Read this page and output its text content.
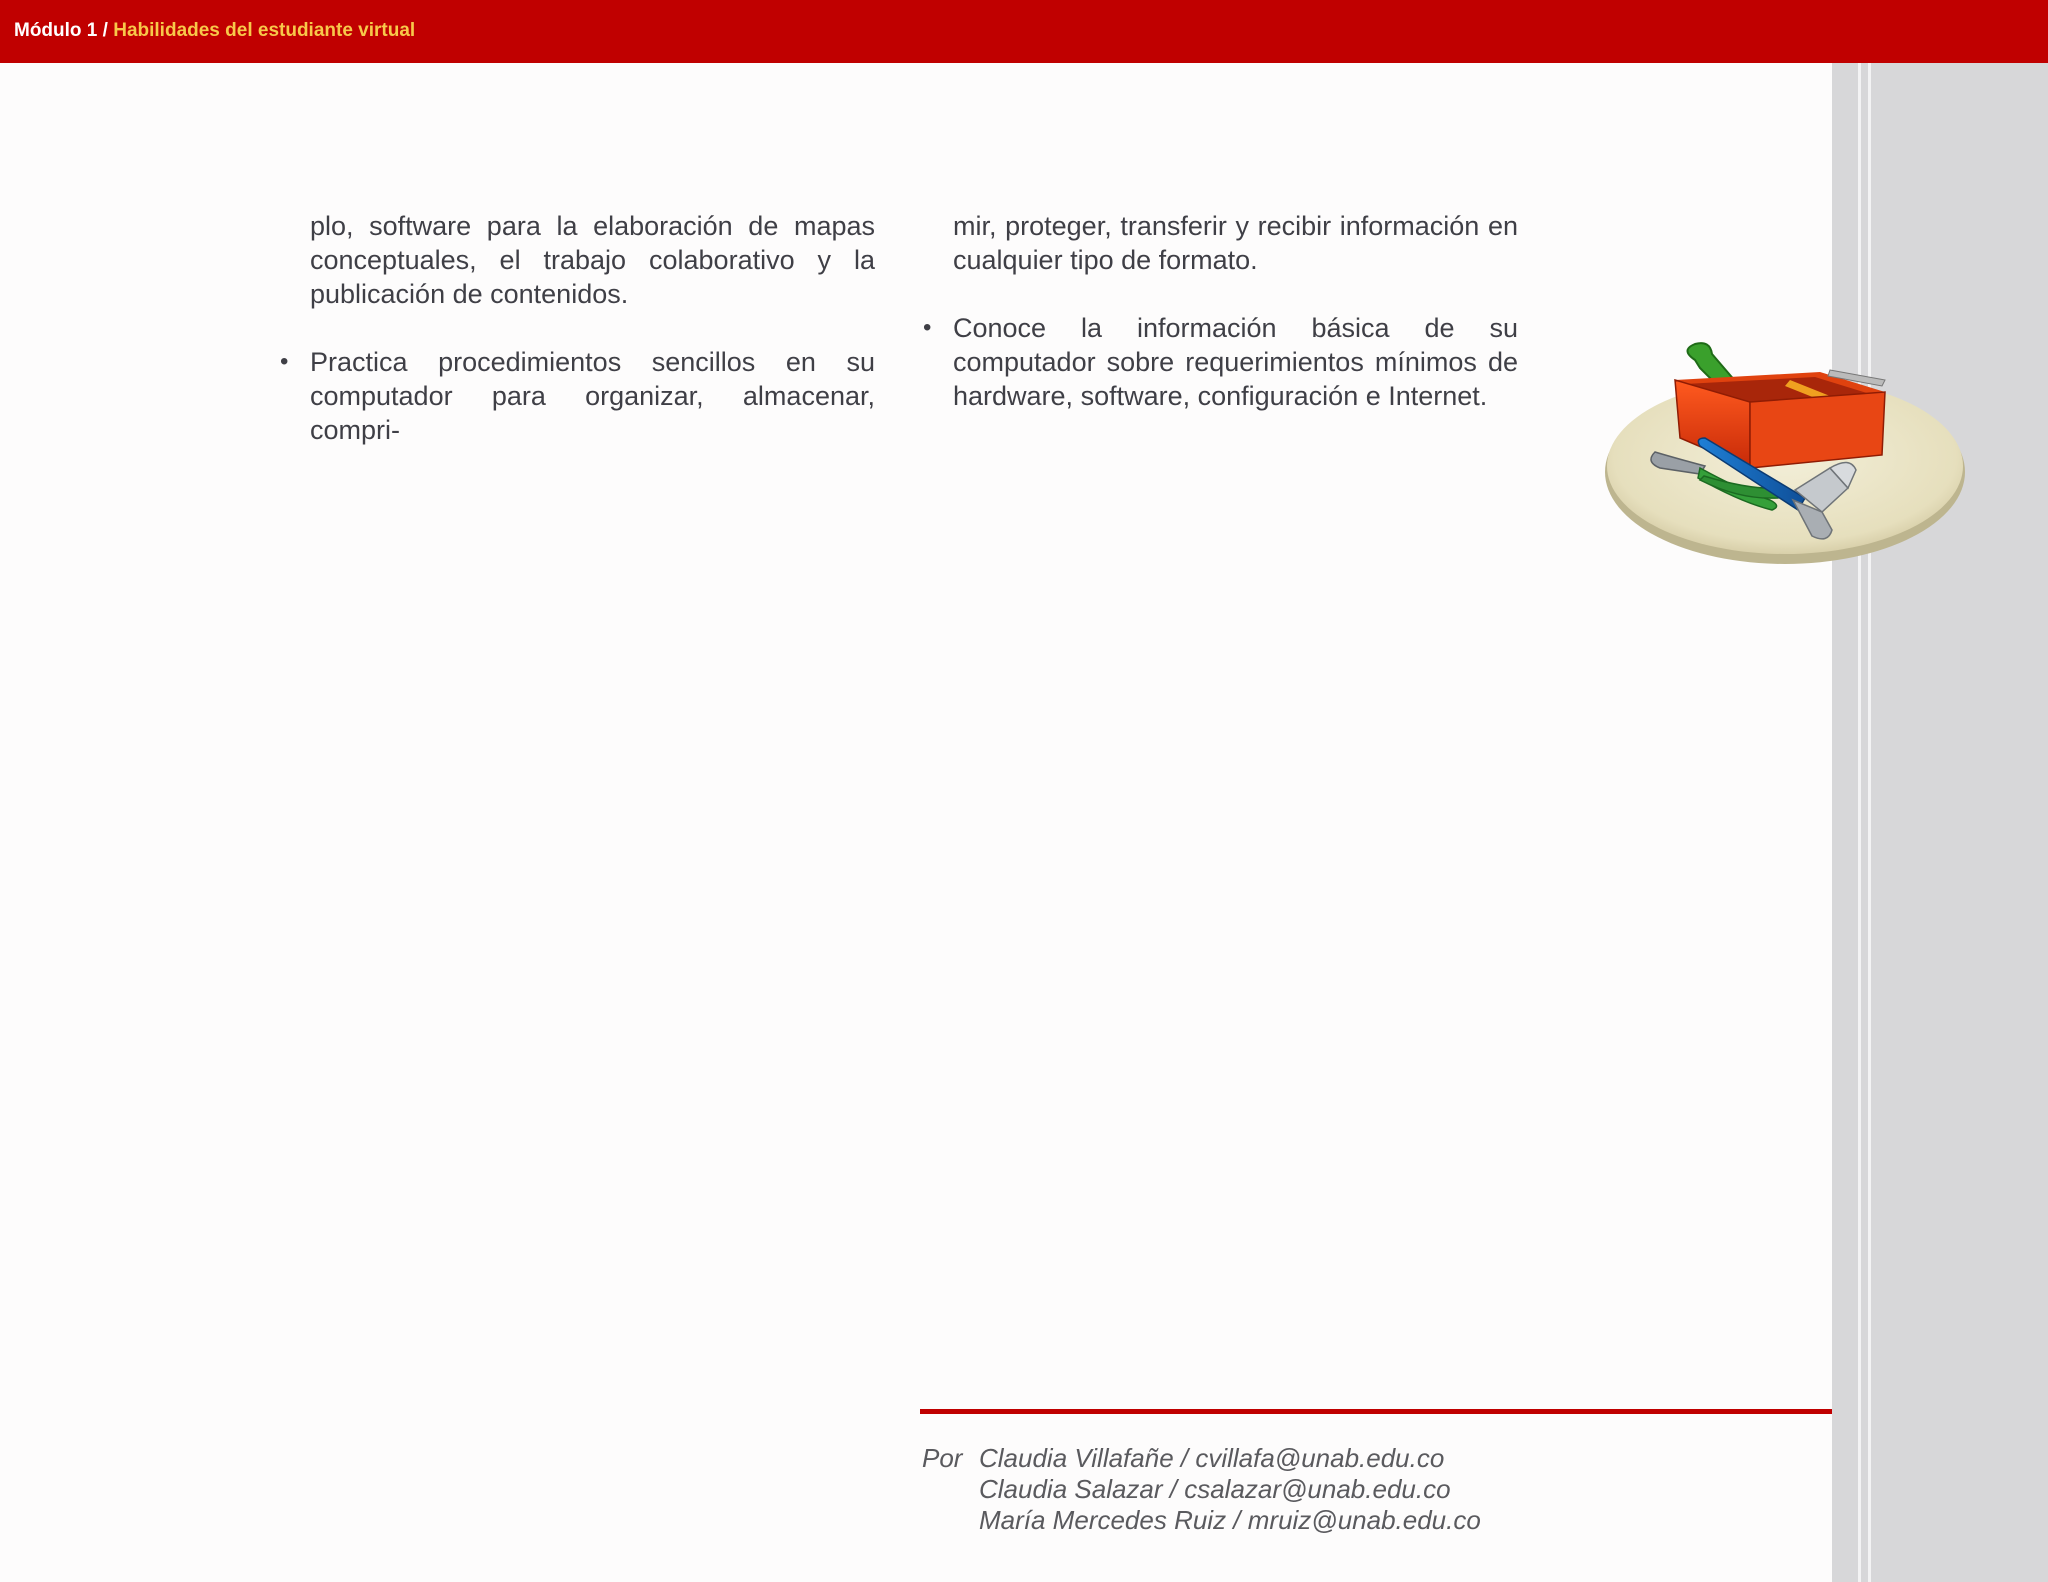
Módulo 1 / Habilidades del estudiante virtual

plo, software para la elaboración de mapas conceptuales, el trabajo colaborativo y la publicación de contenidos.

• Practica procedimientos sencillos en su computador para organizar, almacenar, compri-

mir, proteger, transferir y recibir información en cualquier tipo de formato.

• Conoce la información básica de su computador sobre requerimientos mínimos de hardware, software, configuración e Internet.
Por Claudia Villafañe / cvillafa@unab.edu.co
Claudia Salazar / csalazar@unab.edu.co
María Mercedes Ruiz / mruiz@unab.edu.co
